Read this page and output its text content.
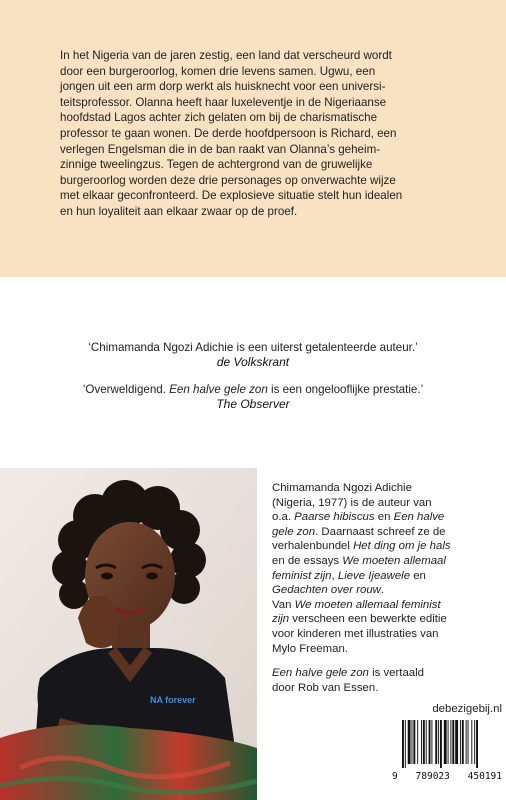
In het Nigeria van de jaren zestig, een land dat verscheurd wordt
door een burgeroorlog, komen drie levens samen. Ugwu, een
jongen uit een arm dorp werkt als huisknecht voor een universi-
teitsprofessor. Olanna heeft haar luxeleventje in de Nigeriaanse
hoofdstad Lagos achter zich gelaten om bij de charismatische
professor te gaan wonen. De derde hoofdpersoon is Richard, een
verlegen Engelsman die in de ban raakt van Olanna’s geheim-
zinnige tweelingzus. Tegen de achtergrond van de gruwelijke
burgeroorlog worden deze drie personages op onverwachte wijze
met elkaar geconfronteerd. De explosieve situatie stelt hun idealen
en hun loyaliteit aan elkaar zwaar op de proef.
‘Chimamanda Ngozi Adichie is een uiterst getalenteerde auteur.’
de Volkskrant
‘Overweldigend. Een halve gele zon is een ongelooflijke prestatie.’
The Observer
NA forever
Chimamanda Ngozi Adichie
(Nigeria, 1977) is de auteur van
o.a. Paarse hibiscus en Een halve
gele zon. Daarnaast schreef ze de
verhalenbundel Het ding om je hals
en de essays We moeten allemaal
feminist zijn, Lieve Ijeawele en
Gedachten over rouw.
Van We moeten allemaal feminist
zijn verscheen een bewerkte editie
voor kinderen met illustraties van
Mylo Freeman.
Een halve gele zon is vertaald
door Rob van Essen.
debezigebij.nl
9 789023 450191
